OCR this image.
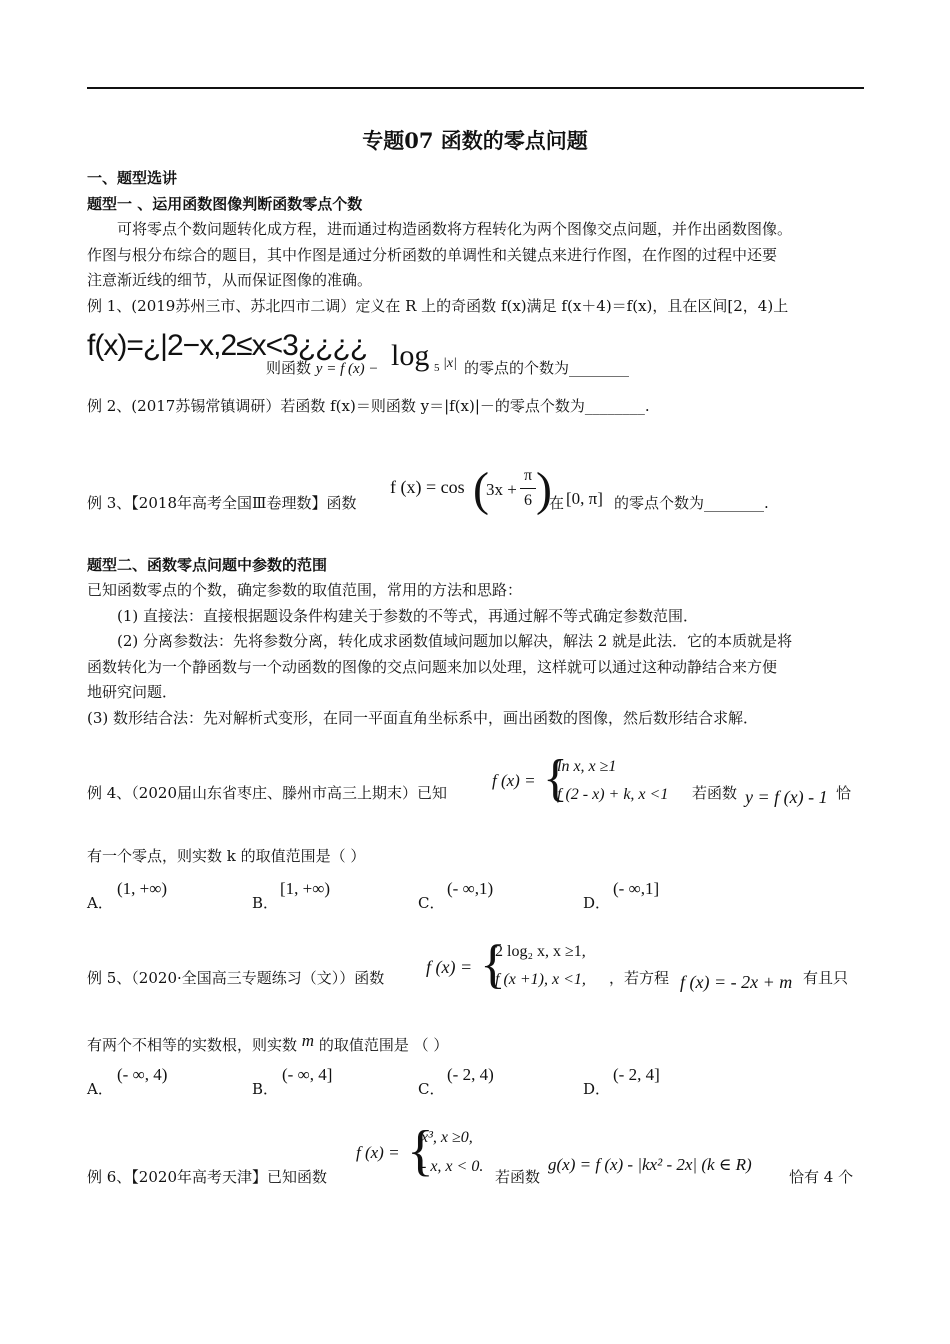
专题07 函数的零点问题
一、题型选讲
题型一 、运用函数图像判断函数零点个数
可将零点个数问题转化成方程，进而通过构造函数将方程转化为两个图像交点问题，并作出函数图像。
作图与根分布综合的题目，其中作图是通过分析函数的单调性和关键点来进行作图，在作图的过程中还要
注意渐近线的细节，从而保证图像的准确。
例 1、(2019苏州三市、苏北四市二调）定义在 R 上的奇函数 f(x)满足 f(x＋4)＝f(x)，且在区间[2，4)上
f(x)=¿|2−x,2≤x<3¿¿¿¿
则函数 y = f (x) − log 5 |x| 的零点的个数为________
例 2、(2017苏锡常镇调研）若函数 f(x)＝则函数 y＝|f(x)|－的零点个数为________.
例 3、【2018年高考全国Ⅲ卷理数】函数
f (x) = cos (
3x +
π
6 )
在 [0, π] 的零点个数为________.
题型二、函数零点问题中参数的范围
已知函数零点的个数，确定参数的取值范围，常用的方法和思路：
(1) 直接法：直接根据题设条件构建关于参数的不等式，再通过解不等式确定参数范围．
(2) 分离参数法：先将参数分离，转化成求函数值域问题加以解决，解法 2 就是此法．它的本质就是将
函数转化为一个静函数与一个动函数的图像的交点问题来加以处理，这样就可以通过这种动静结合来方便
地研究问题．
(3) 数形结合法：先对解析式变形，在同一平面直角坐标系中，画出函数的图像，然后数形结合求解．
例 4、（2020届山东省枣庄、滕州市高三上期末）已知
f (x) = {
ln x, x ≥1
f (2 - x) + k, x <1 若函数 y = f (x) - 1 恰
有一个零点，则实数 k 的取值范围是（ ）
A．
(1, +∞)
B．
[1, +∞)
C．
(- ∞,1)
D．
(- ∞,1]
例 5、（2020·全国高三专题练习（文））函数
f (x) = {
2 log₂ x, x ≥1,
f (x +1), x <1, ，若方程 f (x) = - 2x + m 有且只
有两个不相等的实数根，则实数 m 的取值范围是 （ ）
A．
(- ∞, 4)
B．
(- ∞, 4]
C．
(- 2, 4)
D．
(- 2, 4]
例 6、【2020年高考天津】已知函数
f (x) = {
x³, x ≥0,
- x, x < 0.
若函数
g(x) = f (x) - |kx² - 2x| (k ∈ R)
恰有 4 个
